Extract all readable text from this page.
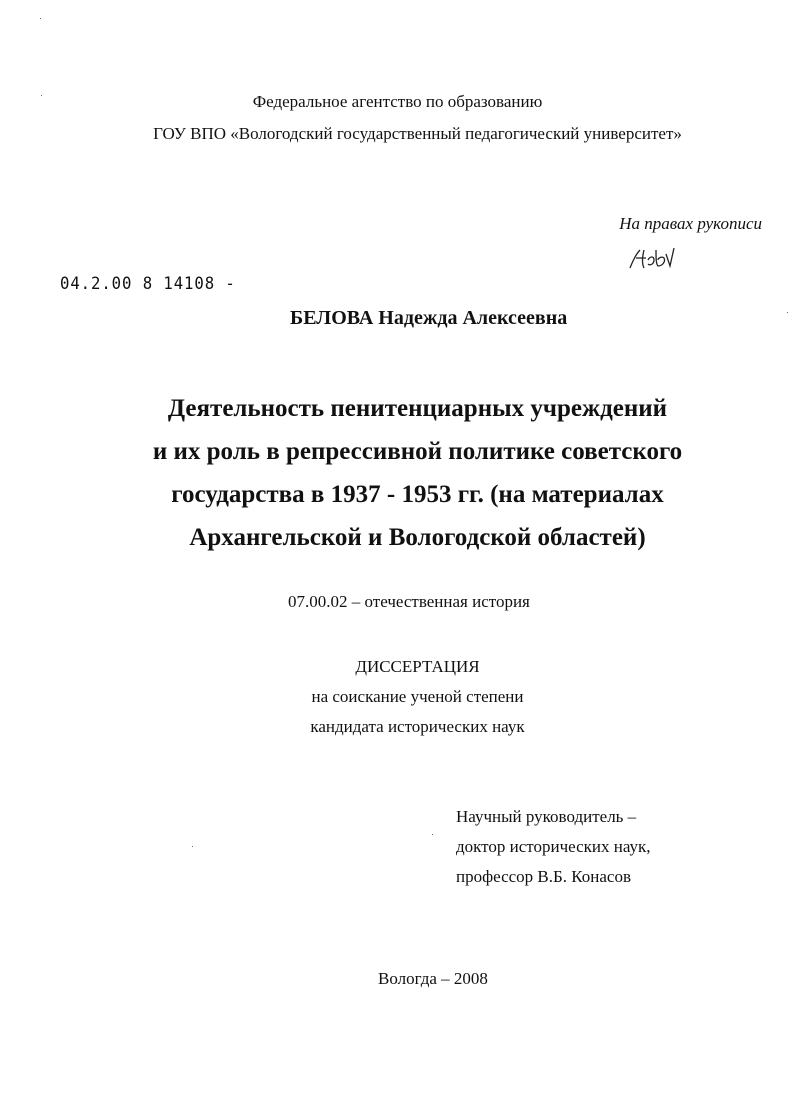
Федеральное агентство по образованию
ГОУ ВПО «Вологодский государственный педагогический университет»
На правах рукописи
04.2.00 8 14108 -
БЕЛОВА Надежда Алексеевна
Деятельность пенитенциарных учреждений
и их роль в репрессивной политике советского
государства в 1937 - 1953 гг. (на материалах
Архангельской и Вологодской областей)
07.00.02 – отечественная история
ДИССЕРТАЦИЯ
на соискание ученой степени
кандидата исторических наук
Научный руководитель –
доктор исторических наук,
профессор В.Б. Конасов
Вологда – 2008
